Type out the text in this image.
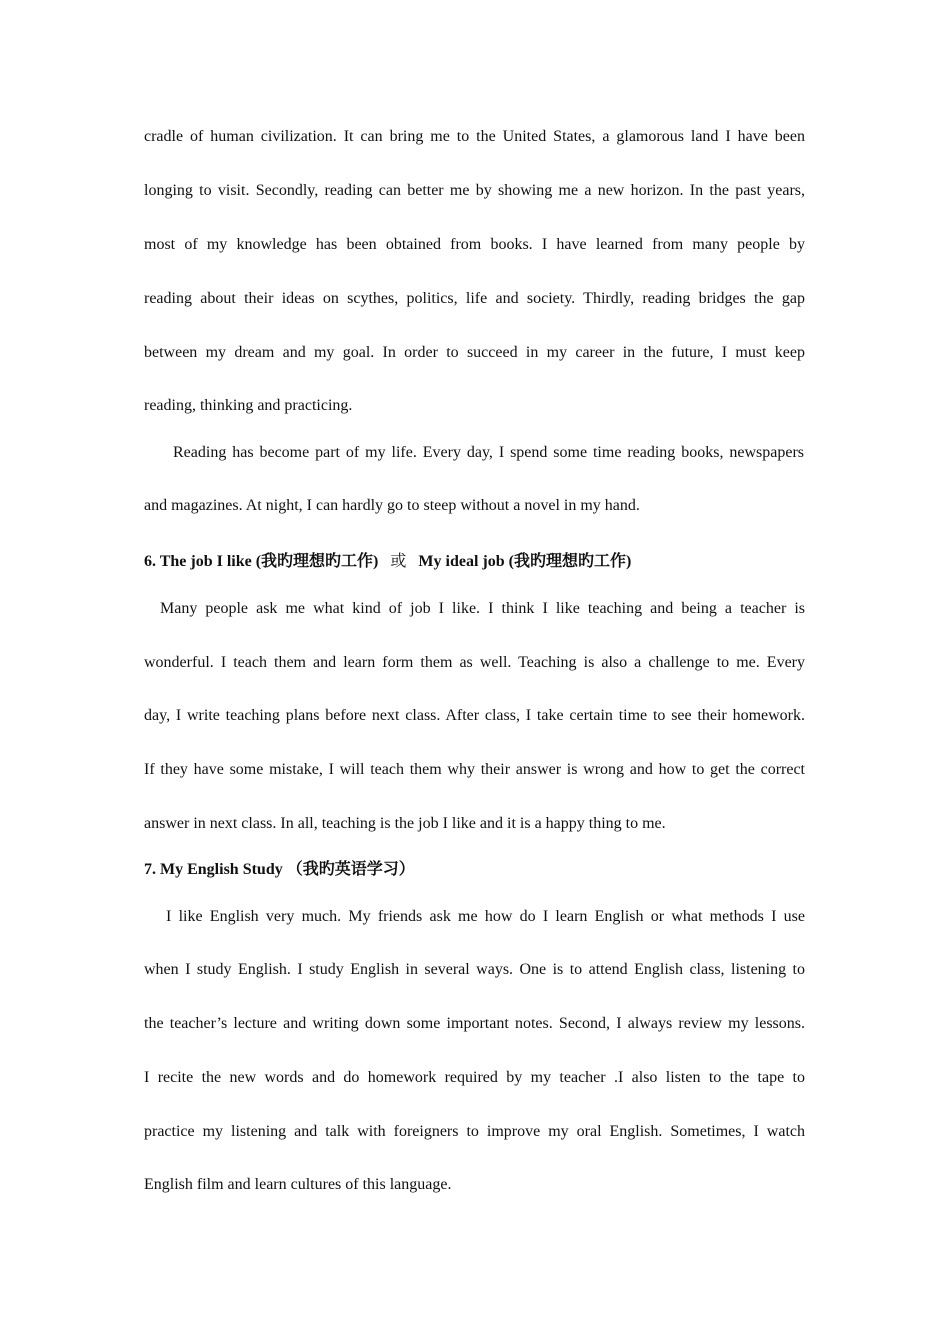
cradle of human civilization. It can bring me to the United States, a glamorous land I have been
longing to visit. Secondly, reading can better me by showing me a new horizon. In the past years,
most of my knowledge has been obtained from books. I have learned from many people by
reading about their ideas on scythes, politics, life and society. Thirdly, reading bridges the gap
between my dream and my goal. In order to succeed in my career in the future, I must keep
reading, thinking and practicing.
Reading has become part of my life. Every day, I spend some time reading books, newspapers
and magazines. At night, I can hardly go to steep without a novel in my hand.
6. The job I like (我旳理想旳工作) 或 My ideal job (我旳理想旳工作)
Many people ask me what kind of job I like. I think I like teaching and being a teacher is
wonderful. I teach them and learn form them as well. Teaching is also a challenge to me. Every
day, I write teaching plans before next class. After class, I take certain time to see their homework.
If they have some mistake, I will teach them why their answer is wrong and how to get the correct
answer in next class. In all, teaching is the job I like and it is a happy thing to me.
7. My English Study （我旳英语学习）
I like English very much. My friends ask me how do I learn English or what methods I use
when I study English. I study English in several ways. One is to attend English class, listening to
the teacher’s lecture and writing down some important notes. Second, I always review my lessons.
I recite the new words and do homework required by my teacher .I also listen to the tape to
practice my listening and talk with foreigners to improve my oral English. Sometimes, I watch
English film and learn cultures of this language.
